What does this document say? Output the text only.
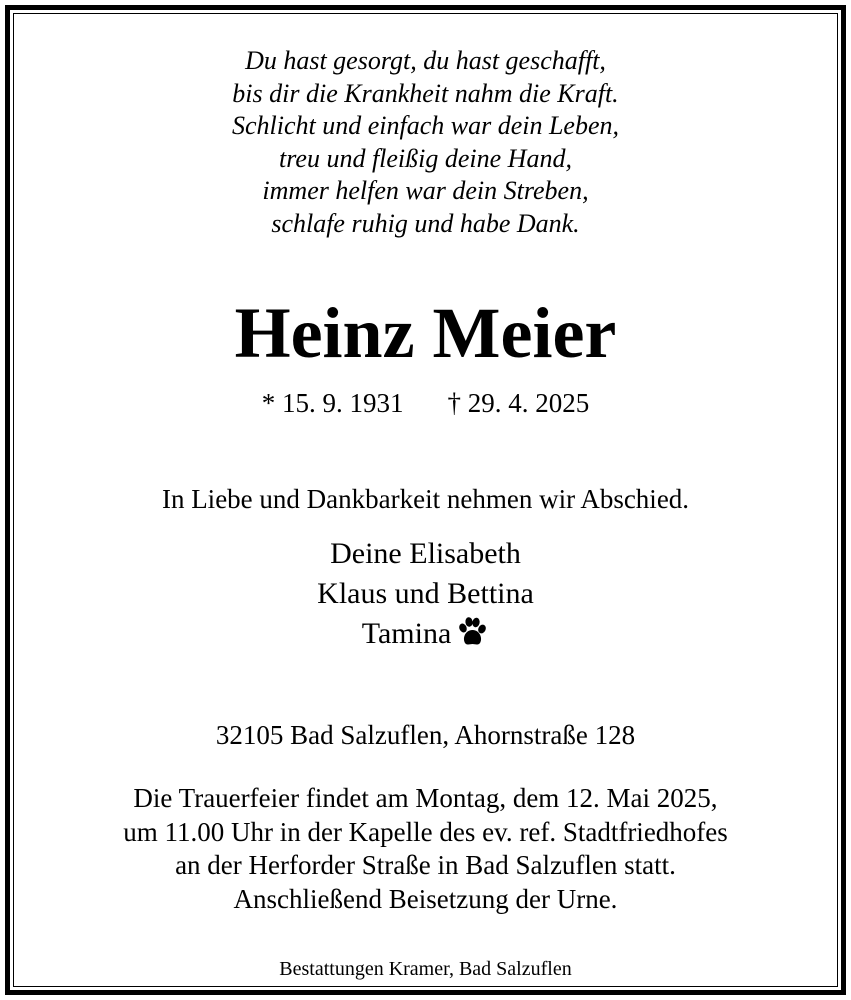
Du hast gesorgt, du hast geschafft,
bis dir die Krankheit nahm die Kraft.
Schlicht und einfach war dein Leben,
treu und fleißig deine Hand,
immer helfen war dein Streben,
schlafe ruhig und habe Dank.
Heinz Meier
* 15. 9. 1931 † 29. 4. 2025
In Liebe und Dankbarkeit nehmen wir Abschied.
Deine Elisabeth
Klaus und Bettina
Tamina
32105 Bad Salzuflen, Ahornstraße 128
Die Trauerfeier findet am Montag, dem 12. Mai 2025,
um 11.00 Uhr in der Kapelle des ev. ref. Stadtfriedhofes
an der Herforder Straße in Bad Salzuflen statt.
Anschließend Beisetzung der Urne.
Bestattungen Kramer, Bad Salzuflen
